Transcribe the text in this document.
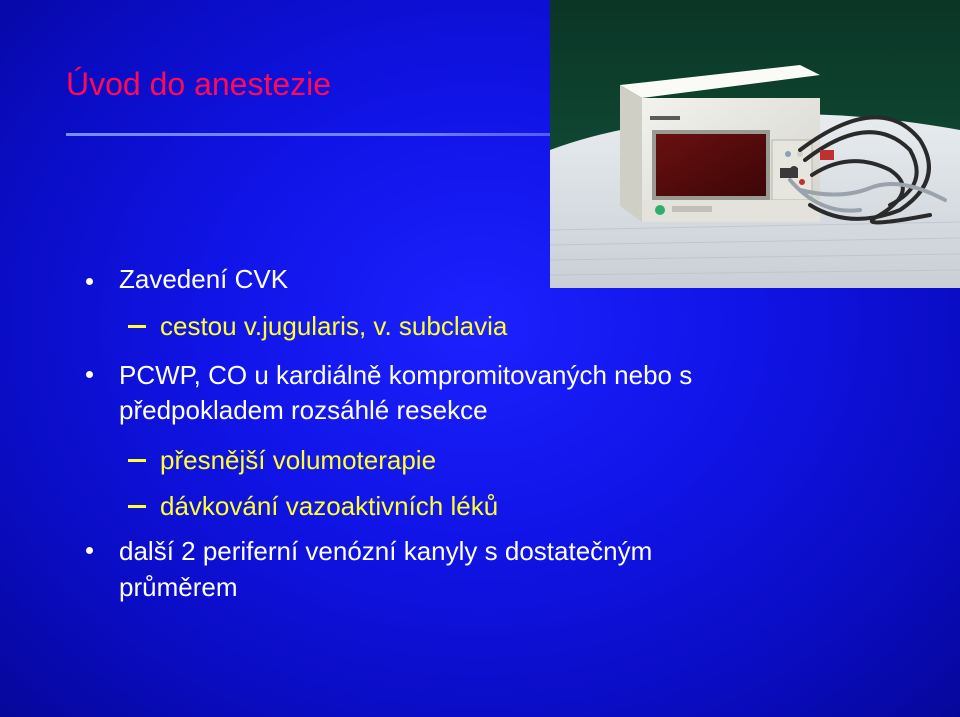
Úvod do anestezie
Zavedení CVK
cestou v.jugularis, v. subclavia
PCWP, CO u kardiálně kompromitovaných nebo s
předpokladem rozsáhlé resekce
přesnější volumoterapie
dávkování vazoaktivních léků
další 2 periferní venózní kanyly s dostatečným
průměrem
